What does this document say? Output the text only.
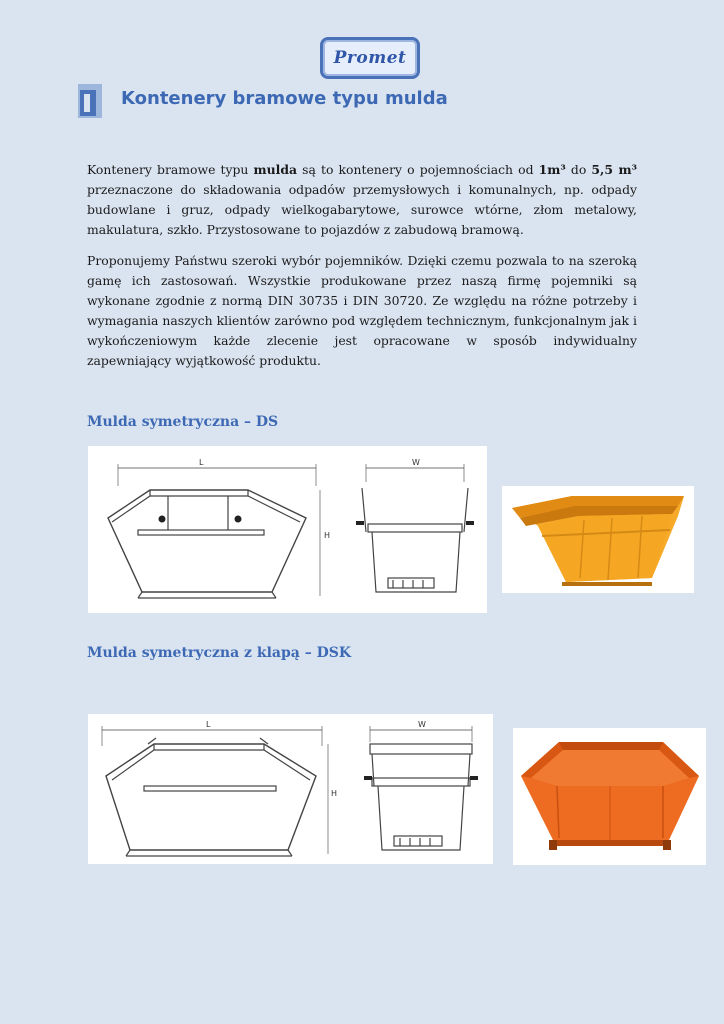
Promet
Kontenery bramowe typu mulda

Kontenery bramowe typu mulda są to kontenery o pojemnościach od 1m³ do 5,5 m³ przeznaczone do składowania odpadów przemysłowych i komunalnych, np. odpady budowlane i gruz, odpady wielkogabarytowe, surowce wtórne, złom metalowy, makulatura, szkło. Przystosowane to pojazdów z zabudową bramową.

Proponujemy Państwu szeroki wybór pojemników. Dzięki czemu pozwala to na szeroką gamę ich zastosowań. Wszystkie produkowane przez naszą firmę pojemniki są wykonane zgodnie z normą DIN 30735 i DIN 30720. Ze względu na różne potrzeby i wymagania naszych klientów zarówno pod względem technicznym, funkcjonalnym jak i wykończeniowym każde zlecenie jest opracowane w sposób indywidualny zapewniający wyjątkowość produktu.

Mulda symetryczna – DS
L	W
H
Mulda symetryczna z klapą – DSK
L	W
H
